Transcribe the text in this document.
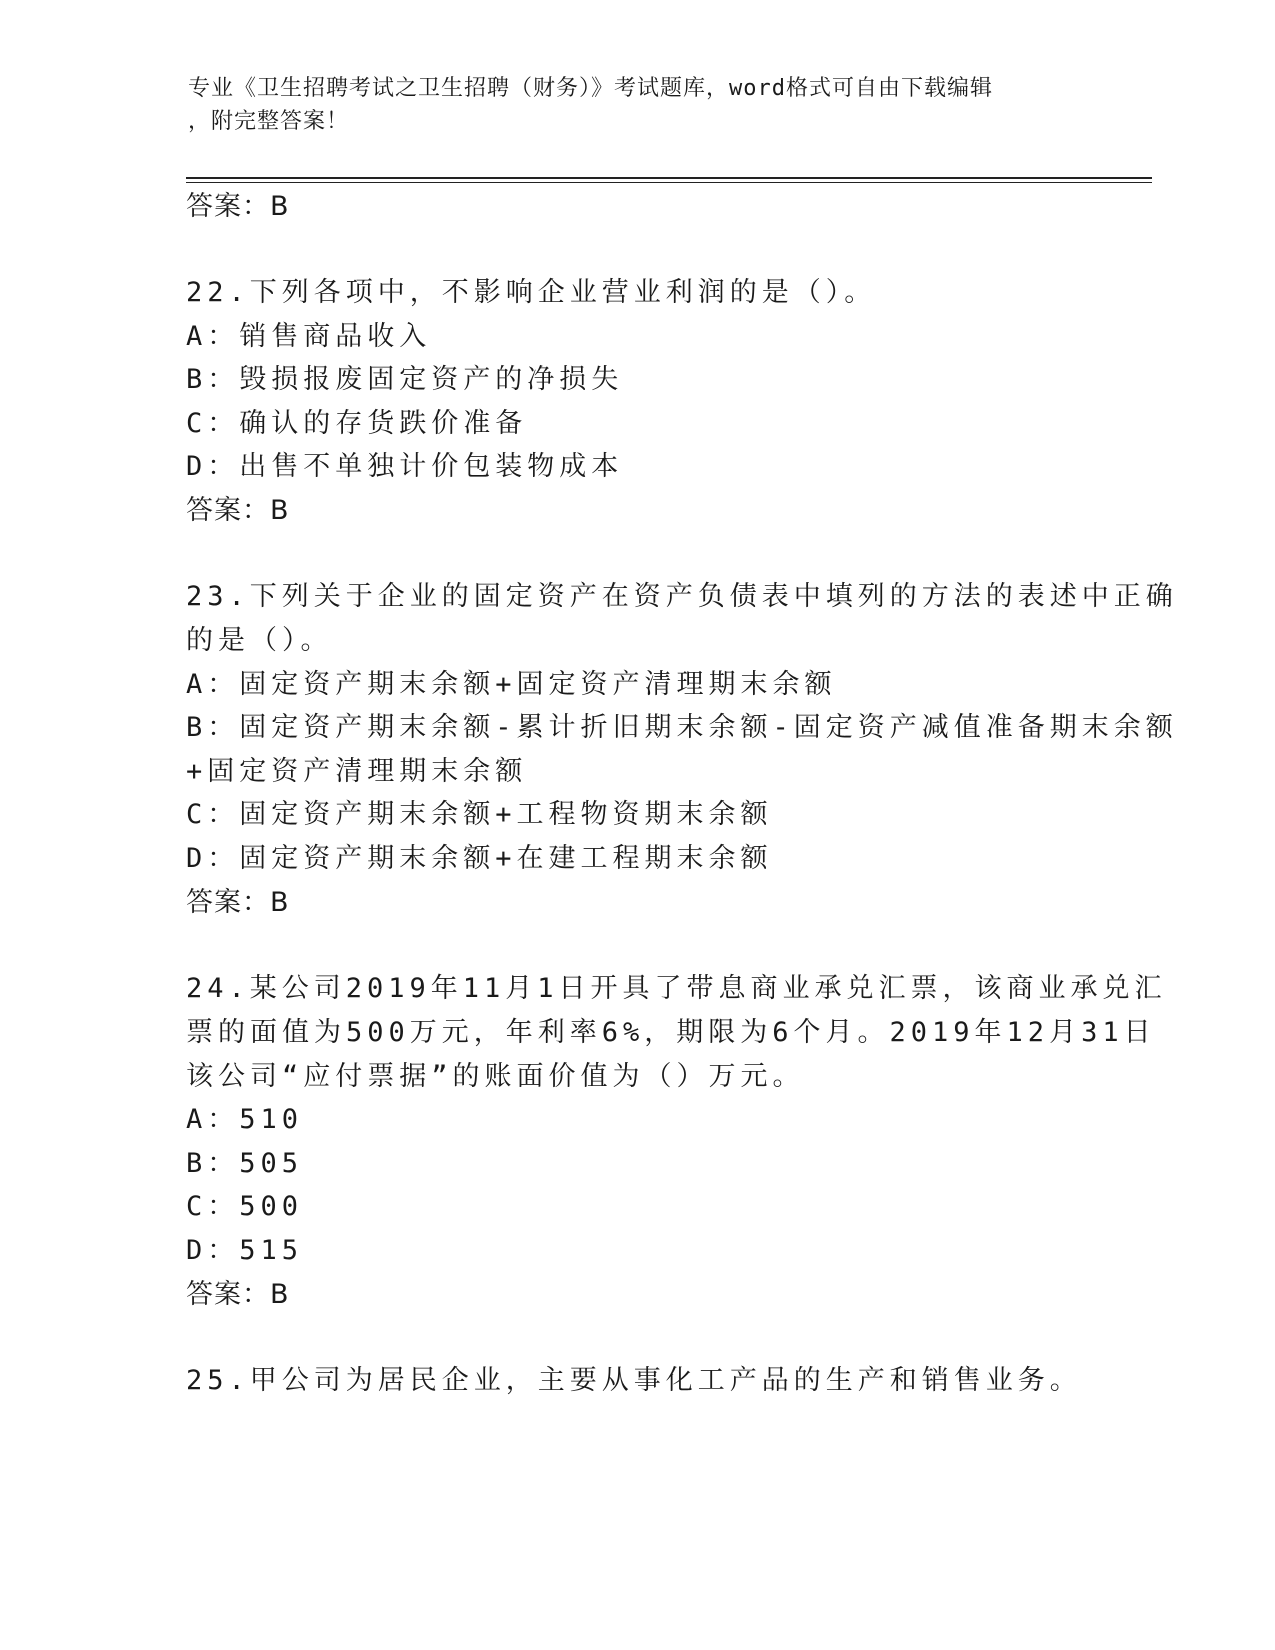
专业《卫生招聘考试之卫生招聘（财务）》考试题库，word格式可自由下载编辑
，附完整答案！
答案：B
22.下列各项中，不影响企业营业利润的是（）。
A：销售商品收入
B：毁损报废固定资产的净损失
C：确认的存货跌价准备
D：出售不单独计价包装物成本
答案：B
23.下列关于企业的固定资产在资产负债表中填列的方法的表述中正确
的是（）。
A：固定资产期末余额+固定资产清理期末余额
B：固定资产期末余额-累计折旧期末余额-固定资产减值准备期末余额
+固定资产清理期末余额
C：固定资产期末余额+工程物资期末余额
D：固定资产期末余额+在建工程期末余额
答案：B
24.某公司2019年11月1日开具了带息商业承兑汇票，该商业承兑汇
票的面值为500万元，年利率6%，期限为6个月。2019年12月31日
该公司“应付票据”的账面价值为（）万元。
A：510
B：505
C：500
D：515
答案：B
25.甲公司为居民企业，主要从事化工产品的生产和销售业务。
